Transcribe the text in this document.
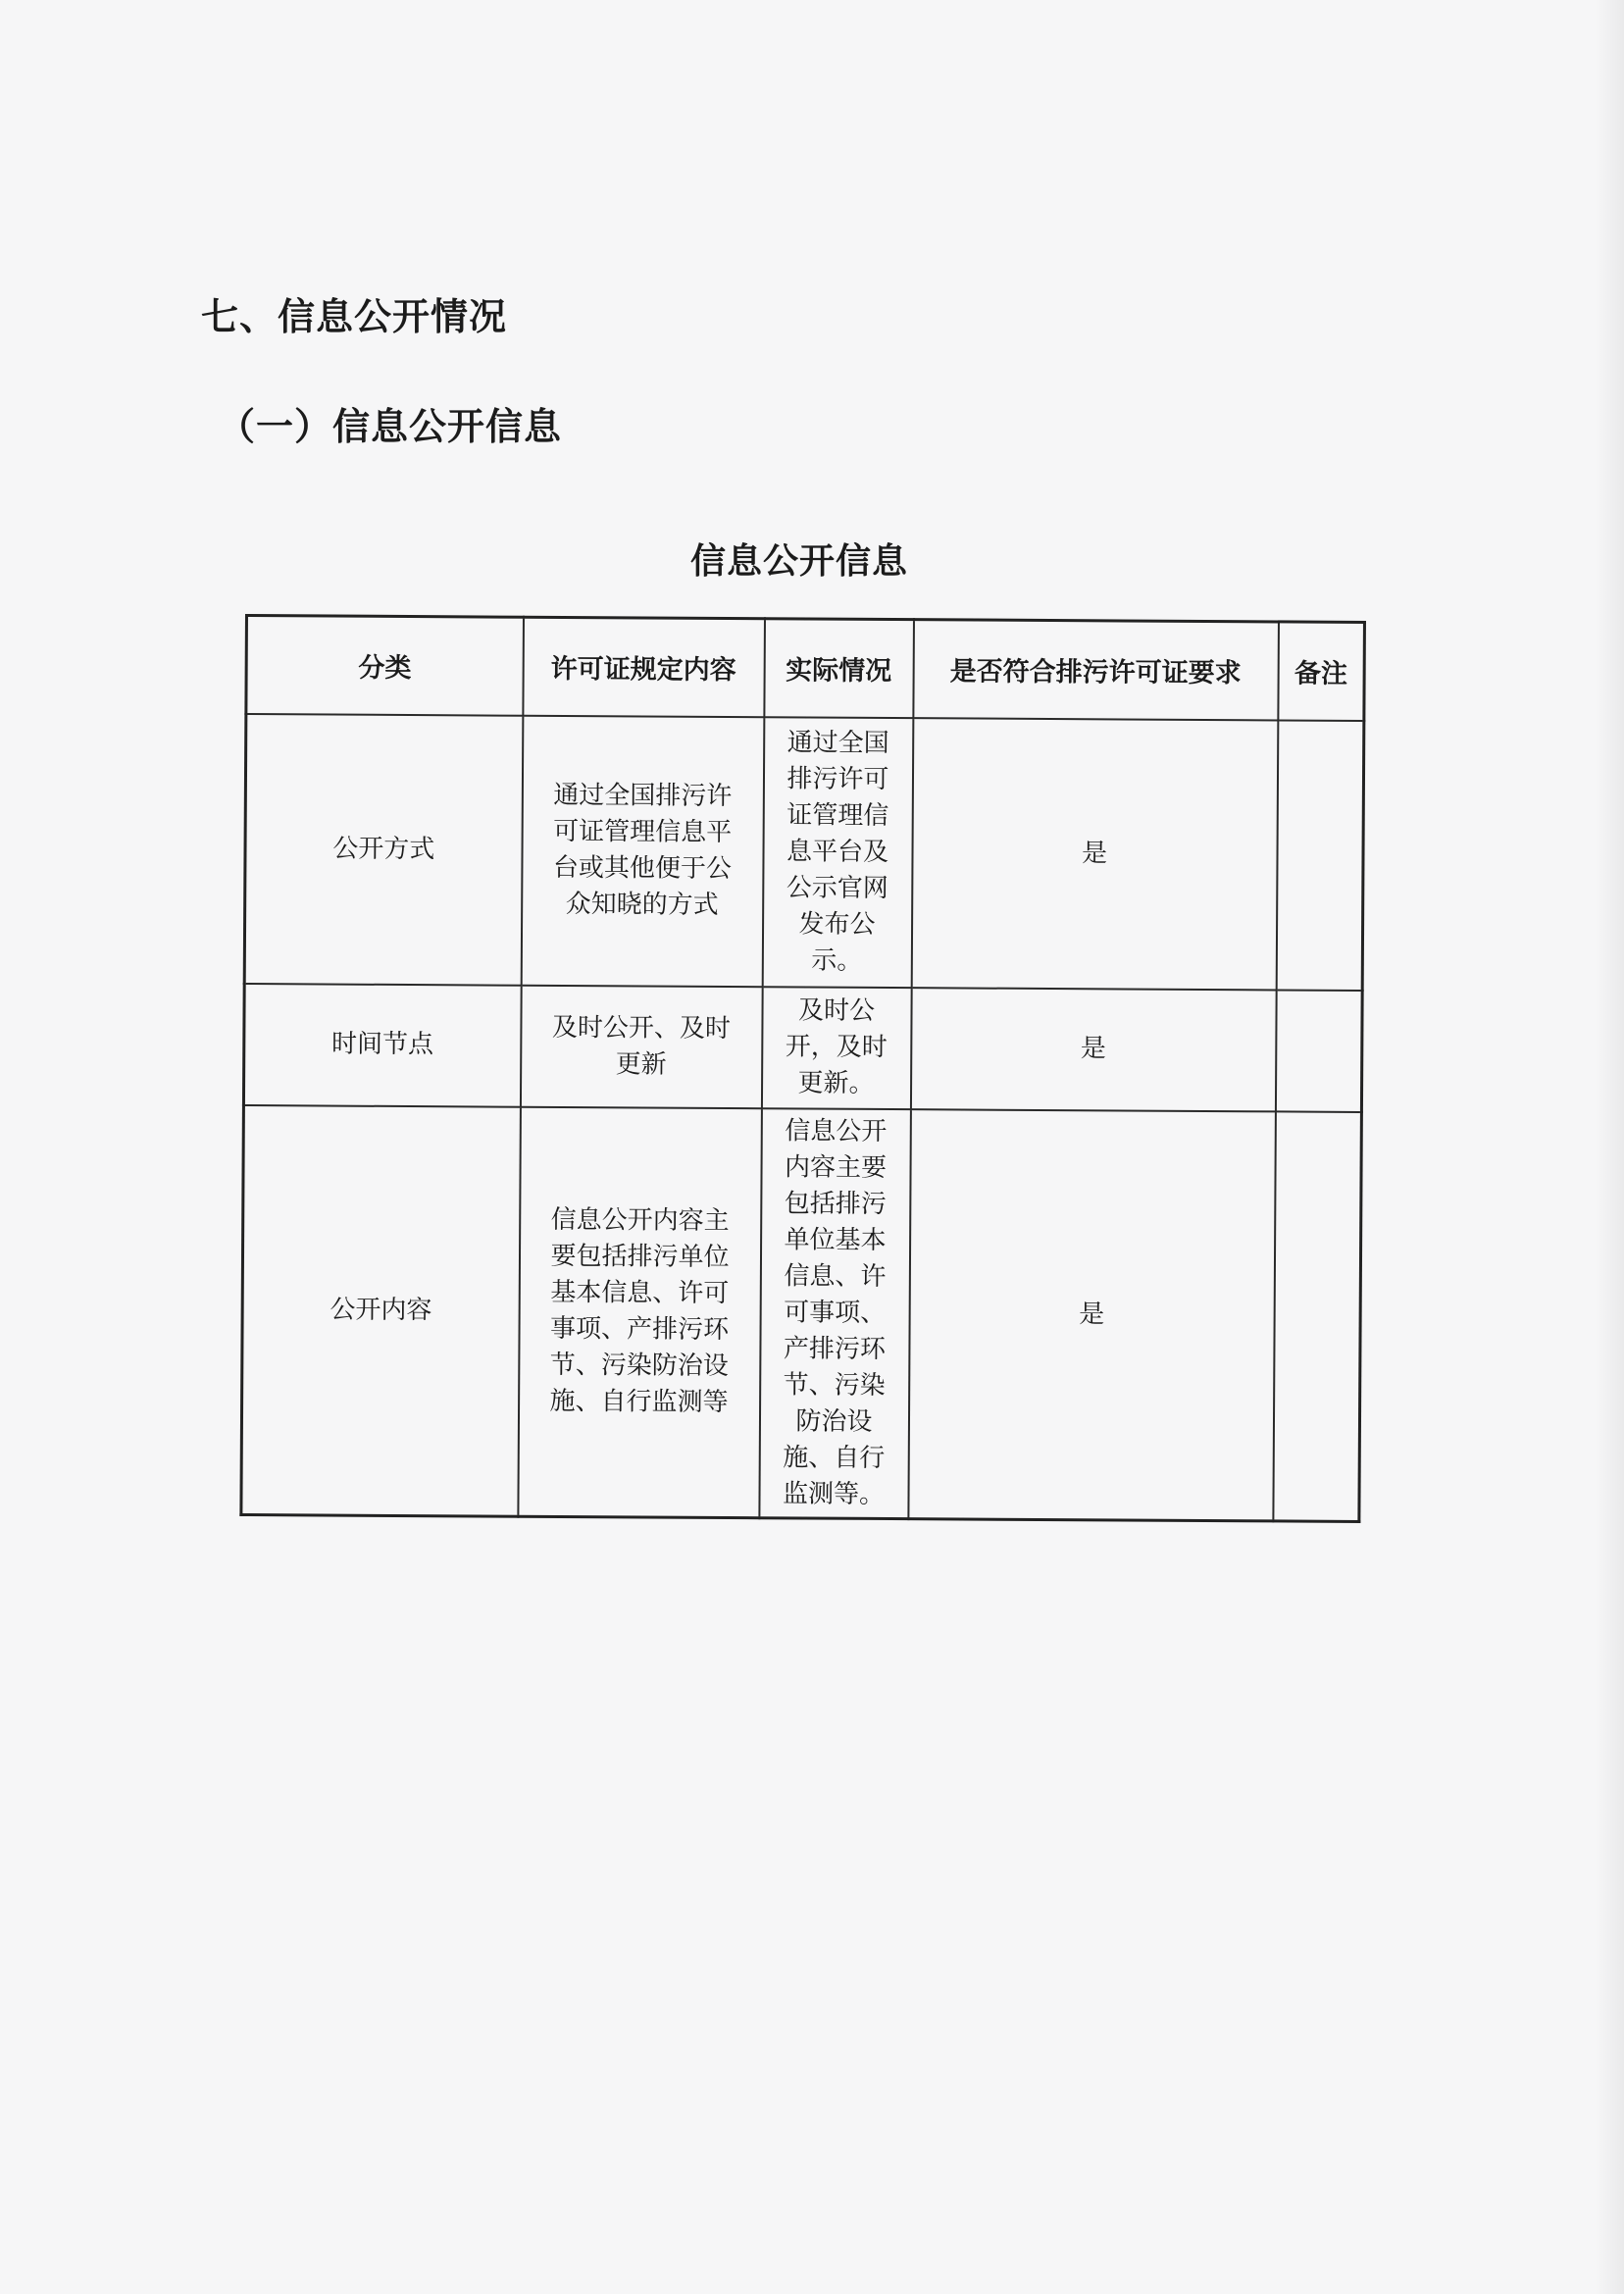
七、信息公开情况
（一）信息公开信息
信息公开信息
分类	许可证规定内容	实际情况	是否符合排污许可证要求	备注
公开方式	通过全国排污许可证管理信息平台或其他便于公众知晓的方式	通过全国排污许可证管理信息平台及公示官网发布公示。	是	
时间节点	及时公开、及时更新	及时公开，及时更新。	是	
公开内容	信息公开内容主要包括排污单位基本信息、许可事项、产排污环节、污染防治设施、自行监测等	信息公开内容主要包括排污单位基本信息、许可事项、产排污环节、污染防治设施、自行监测等。	是	
